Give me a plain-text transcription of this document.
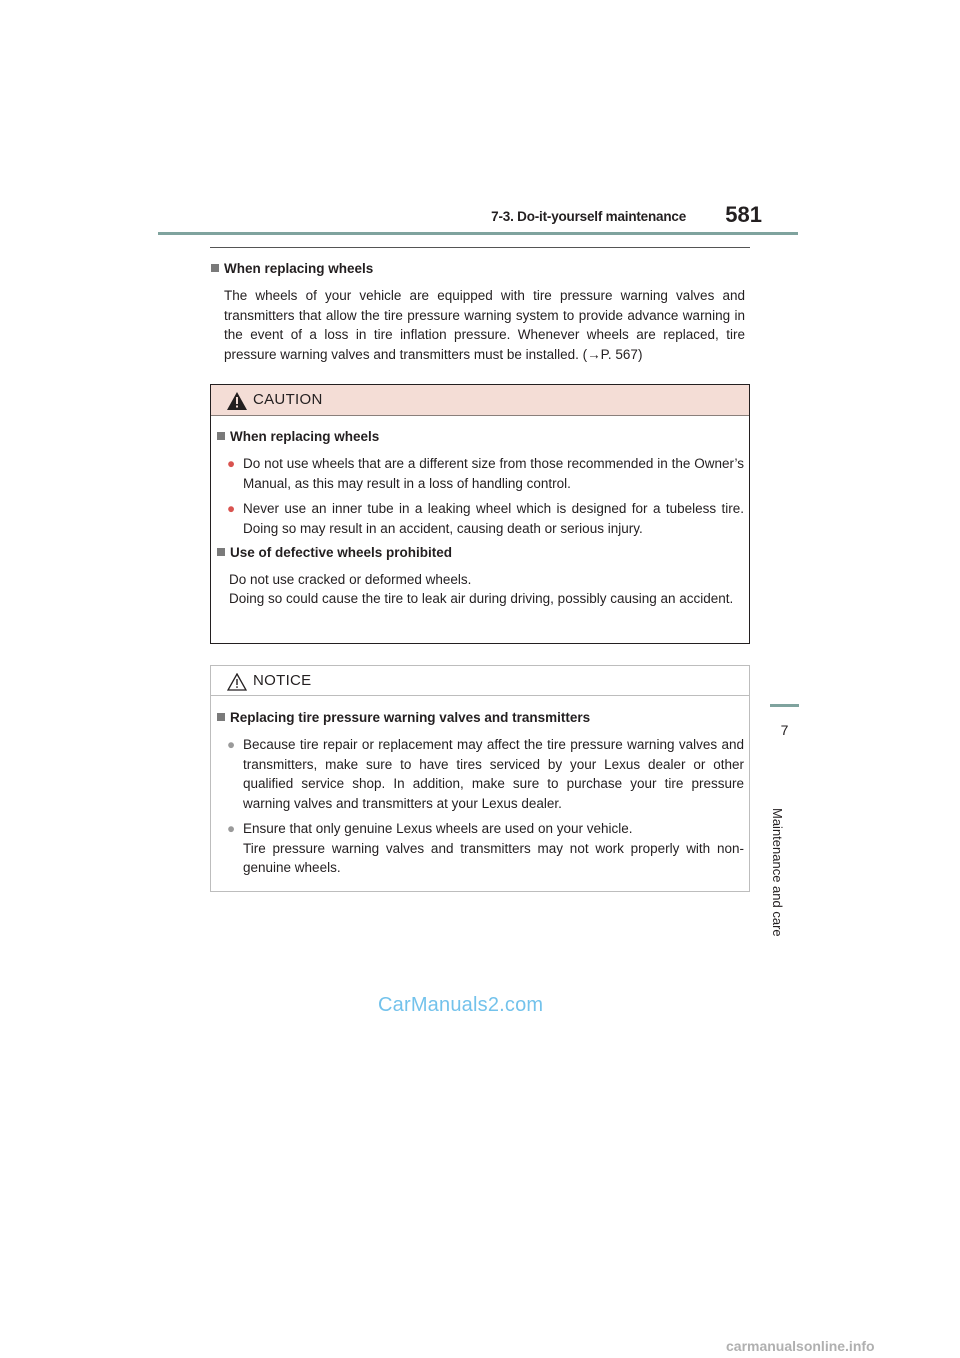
7-3. Do-it-yourself maintenance	581
7
Maintenance and care
When replacing wheels
The wheels of your vehicle are equipped with tire pressure warning valves and transmitters that allow the tire pressure warning system to provide advance warning in the event of a loss in tire inflation pressure. Whenever wheels are replaced, tire pressure warning valves and transmitters must be installed. (→P. 567)
CAUTION
When replacing wheels
● Do not use wheels that are a different size from those recommended in the Owner’s Manual, as this may result in a loss of handling control.
● Never use an inner tube in a leaking wheel which is designed for a tubeless tire. Doing so may result in an accident, causing death or serious injury.
Use of defective wheels prohibited
Do not use cracked or deformed wheels.
Doing so could cause the tire to leak air during driving, possibly causing an accident.
NOTICE
Replacing tire pressure warning valves and transmitters
● Because tire repair or replacement may affect the tire pressure warning valves and transmitters, make sure to have tires serviced by your Lexus dealer or other qualified service shop. In addition, make sure to purchase your tire pressure warning valves and transmitters at your Lexus dealer.
● Ensure that only genuine Lexus wheels are used on your vehicle.
Tire pressure warning valves and transmitters may not work properly with non-genuine wheels.
CarManuals2.com
carmanualsonline.info
